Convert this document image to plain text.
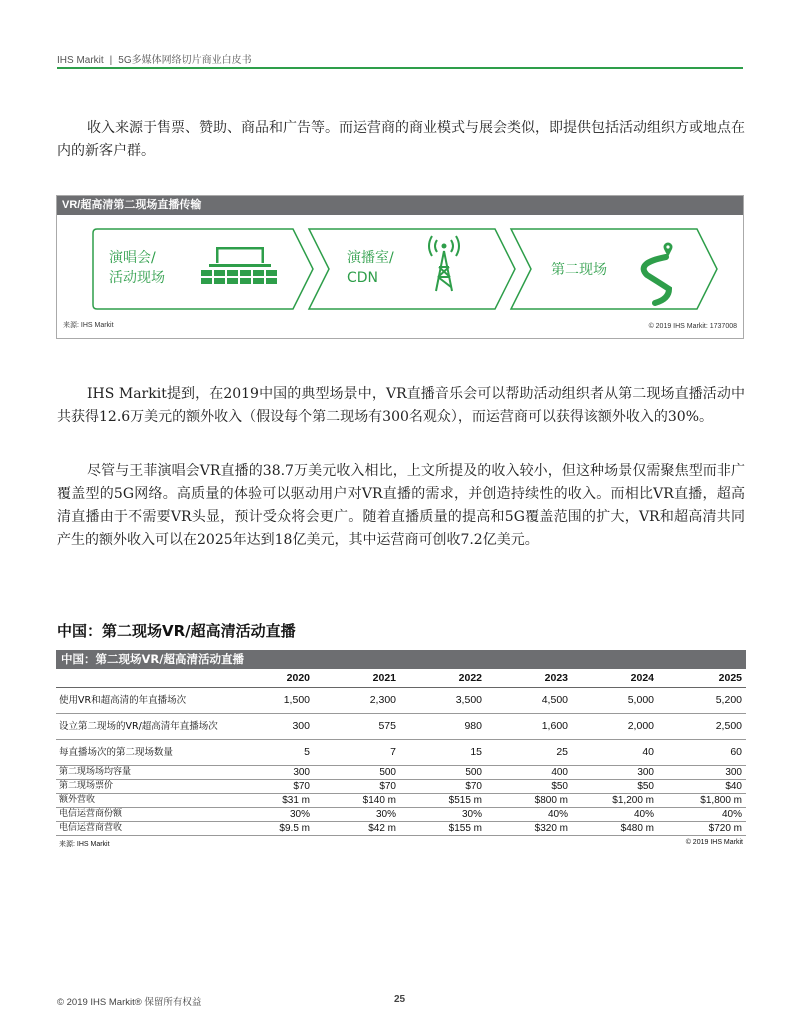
IHS Markit | 5G多媒体网络切片商业白皮书

收入来源于售票、赞助、商品和广告等。而运营商的商业模式与展会类似，即提供包括活动组织方或地点在内的新客户群。

VR/超高清第二现场直播传输
演唱会/
活动现场
演播室/
CDN	第二现场
来源: IHS Markit	© 2019 IHS Markit: 1737008

IHS Markit提到，在2019中国的典型场景中，VR直播音乐会可以帮助活动组织者从第二现场直播活动中共获得12.6万美元的额外收入（假设每个第二现场有300名观众），而运营商可以获得该额外收入的30%。

尽管与王菲演唱会VR直播的38.7万美元收入相比，上文所提及的收入较小，但这种场景仅需聚焦型而非广覆盖型的5G网络。高质量的体验可以驱动用户对VR直播的需求，并创造持续性的收入。而相比VR直播，超高清直播由于不需要VR头显，预计受众将会更广。随着直播质量的提高和5G覆盖范围的扩大，VR和超高清共同产生的额外收入可以在2025年达到18亿美元，其中运营商可创收7.2亿美元。

中国：第二现场VR/超高清活动直播
中国：第二现场VR/超高清活动直播
	2020	2021	2022	2023	2024	2025
使用VR和超高清的年直播场次	1,500	2,300	3,500	4,500	5,000	5,200
设立第二现场的VR/超高清年直播场次	300	575	980	1,600	2,000	2,500
每直播场次的第二现场数量	5	7	15	25	40	60
第二现场场均容量	300	500	500	400	300	300
第二现场票价	$70	$70	$70	$50	$50	$40
额外营收	$31 m	$140 m	$515 m	$800 m	$1,200 m	$1,800 m
电信运营商份额	30%	30%	30%	40%	40%	40%
电信运营商营收	$9.5 m	$42 m	$155 m	$320 m	$480 m	$720 m
来源: IHS Markit	© 2019 IHS Markit
© 2019 IHS Markit® 保留所有权益	25
